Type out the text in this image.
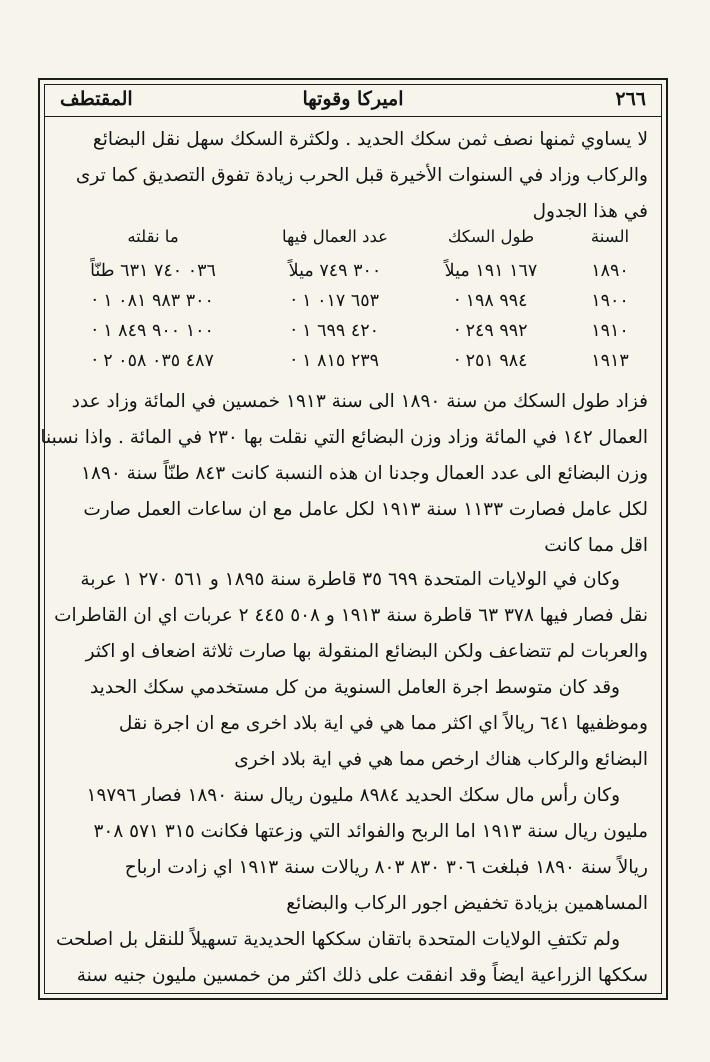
٢٦٦
اميركا وقوتها
المقتطف
لا يساوي ثمنها نصف ثمن سكك الحديد . ولكثرة السكك سهل نقل البضائع
والركاب وزاد في السنوات الأخيرة قبل الحرب زيادة تفوق التصديق كما ترى
في هذا الجدول
السنة
طول السكك
عدد العمال فيها
ما نقلته
١٨٩٠
١٦٧ ١٩١ ميلاً
٣٠٠ ٧٤٩ ميلاً
٠٣٦ ٧٤٠ ٦٣١ طنّاً
١٩٠٠
٩٩٤ ١٩٨ ·
٦٥٣ ٠١٧ ١ ·
٣٠٠ ٩٨٣ ٠٨١ ١ ·
١٩١٠
٩٩٢ ٢٤٩ ·
٤٢٠ ٦٩٩ ١ ·
١٠٠ ٩٠٠ ٨٤٩ ١ ·
١٩١٣
٩٨٤ ٢٥١ ·
٢٣٩ ٨١٥ ١ ·
٤٨٧ ٠٣٥ ٠٥٨ ٢ ·
فزاد طول السكك من سنة ١٨٩٠ الى سنة ١٩١٣ خمسين في المائة وزاد عدد
العمال ١٤٢ في المائة وزاد وزن البضائع التي نقلت بها ٢٣٠ في المائة . واذا نسبنا
وزن البضائع الى عدد العمال وجدنا ان هذه النسبة كانت ٨٤٣ طنّاً سنة ١٨٩٠
لكل عامل فصارت ١١٣٣ سنة ١٩١٣ لكل عامل مع ان ساعات العمل صارت
اقل مما كانت
وكان في الولايات المتحدة ٦٩٩ ٣٥ قاطرة سنة ١٨٩٥ و ٥٦١ ٢٧٠ ١ عربة
نقل فصار فيها ٣٧٨ ٦٣ قاطرة سنة ١٩١٣ و ٥٠٨ ٤٤٥ ٢ عربات اي ان القاطرات
والعربات لم تتضاعف ولكن البضائع المنقولة بها صارت ثلاثة اضعاف او اكثر
وقد كان متوسط اجرة العامل السنوية من كل مستخدمي سكك الحديد
وموظفيها ٦٤١ ريالاً اي اكثر مما هي في اية بلاد اخرى مع ان اجرة نقل
البضائع والركاب هناك ارخص مما هي في اية بلاد اخرى
وكان رأس مال سكك الحديد ٨٩٨٤ مليون ريال سنة ١٨٩٠ فصار ١٩٧٩٦
مليون ريال سنة ١٩١٣ اما الربح والفوائد التي وزعتها فكانت ٣١٥ ٥٧١ ٣٠٨
ريالاً سنة ١٨٩٠ فبلغت ٣٠٦ ٨٣٠ ٨٠٣ ريالات سنة ١٩١٣ اي زادت ارباح
المساهمين بزيادة تخفيض اجور الركاب والبضائع
ولم تكتفِ الولايات المتحدة باتقان سككها الحديدية تسهيلاً للنقل بل اصلحت
سككها الزراعية ايضاً وقد انفقت على ذلك اكثر من خمسين مليون جنيه سنة
